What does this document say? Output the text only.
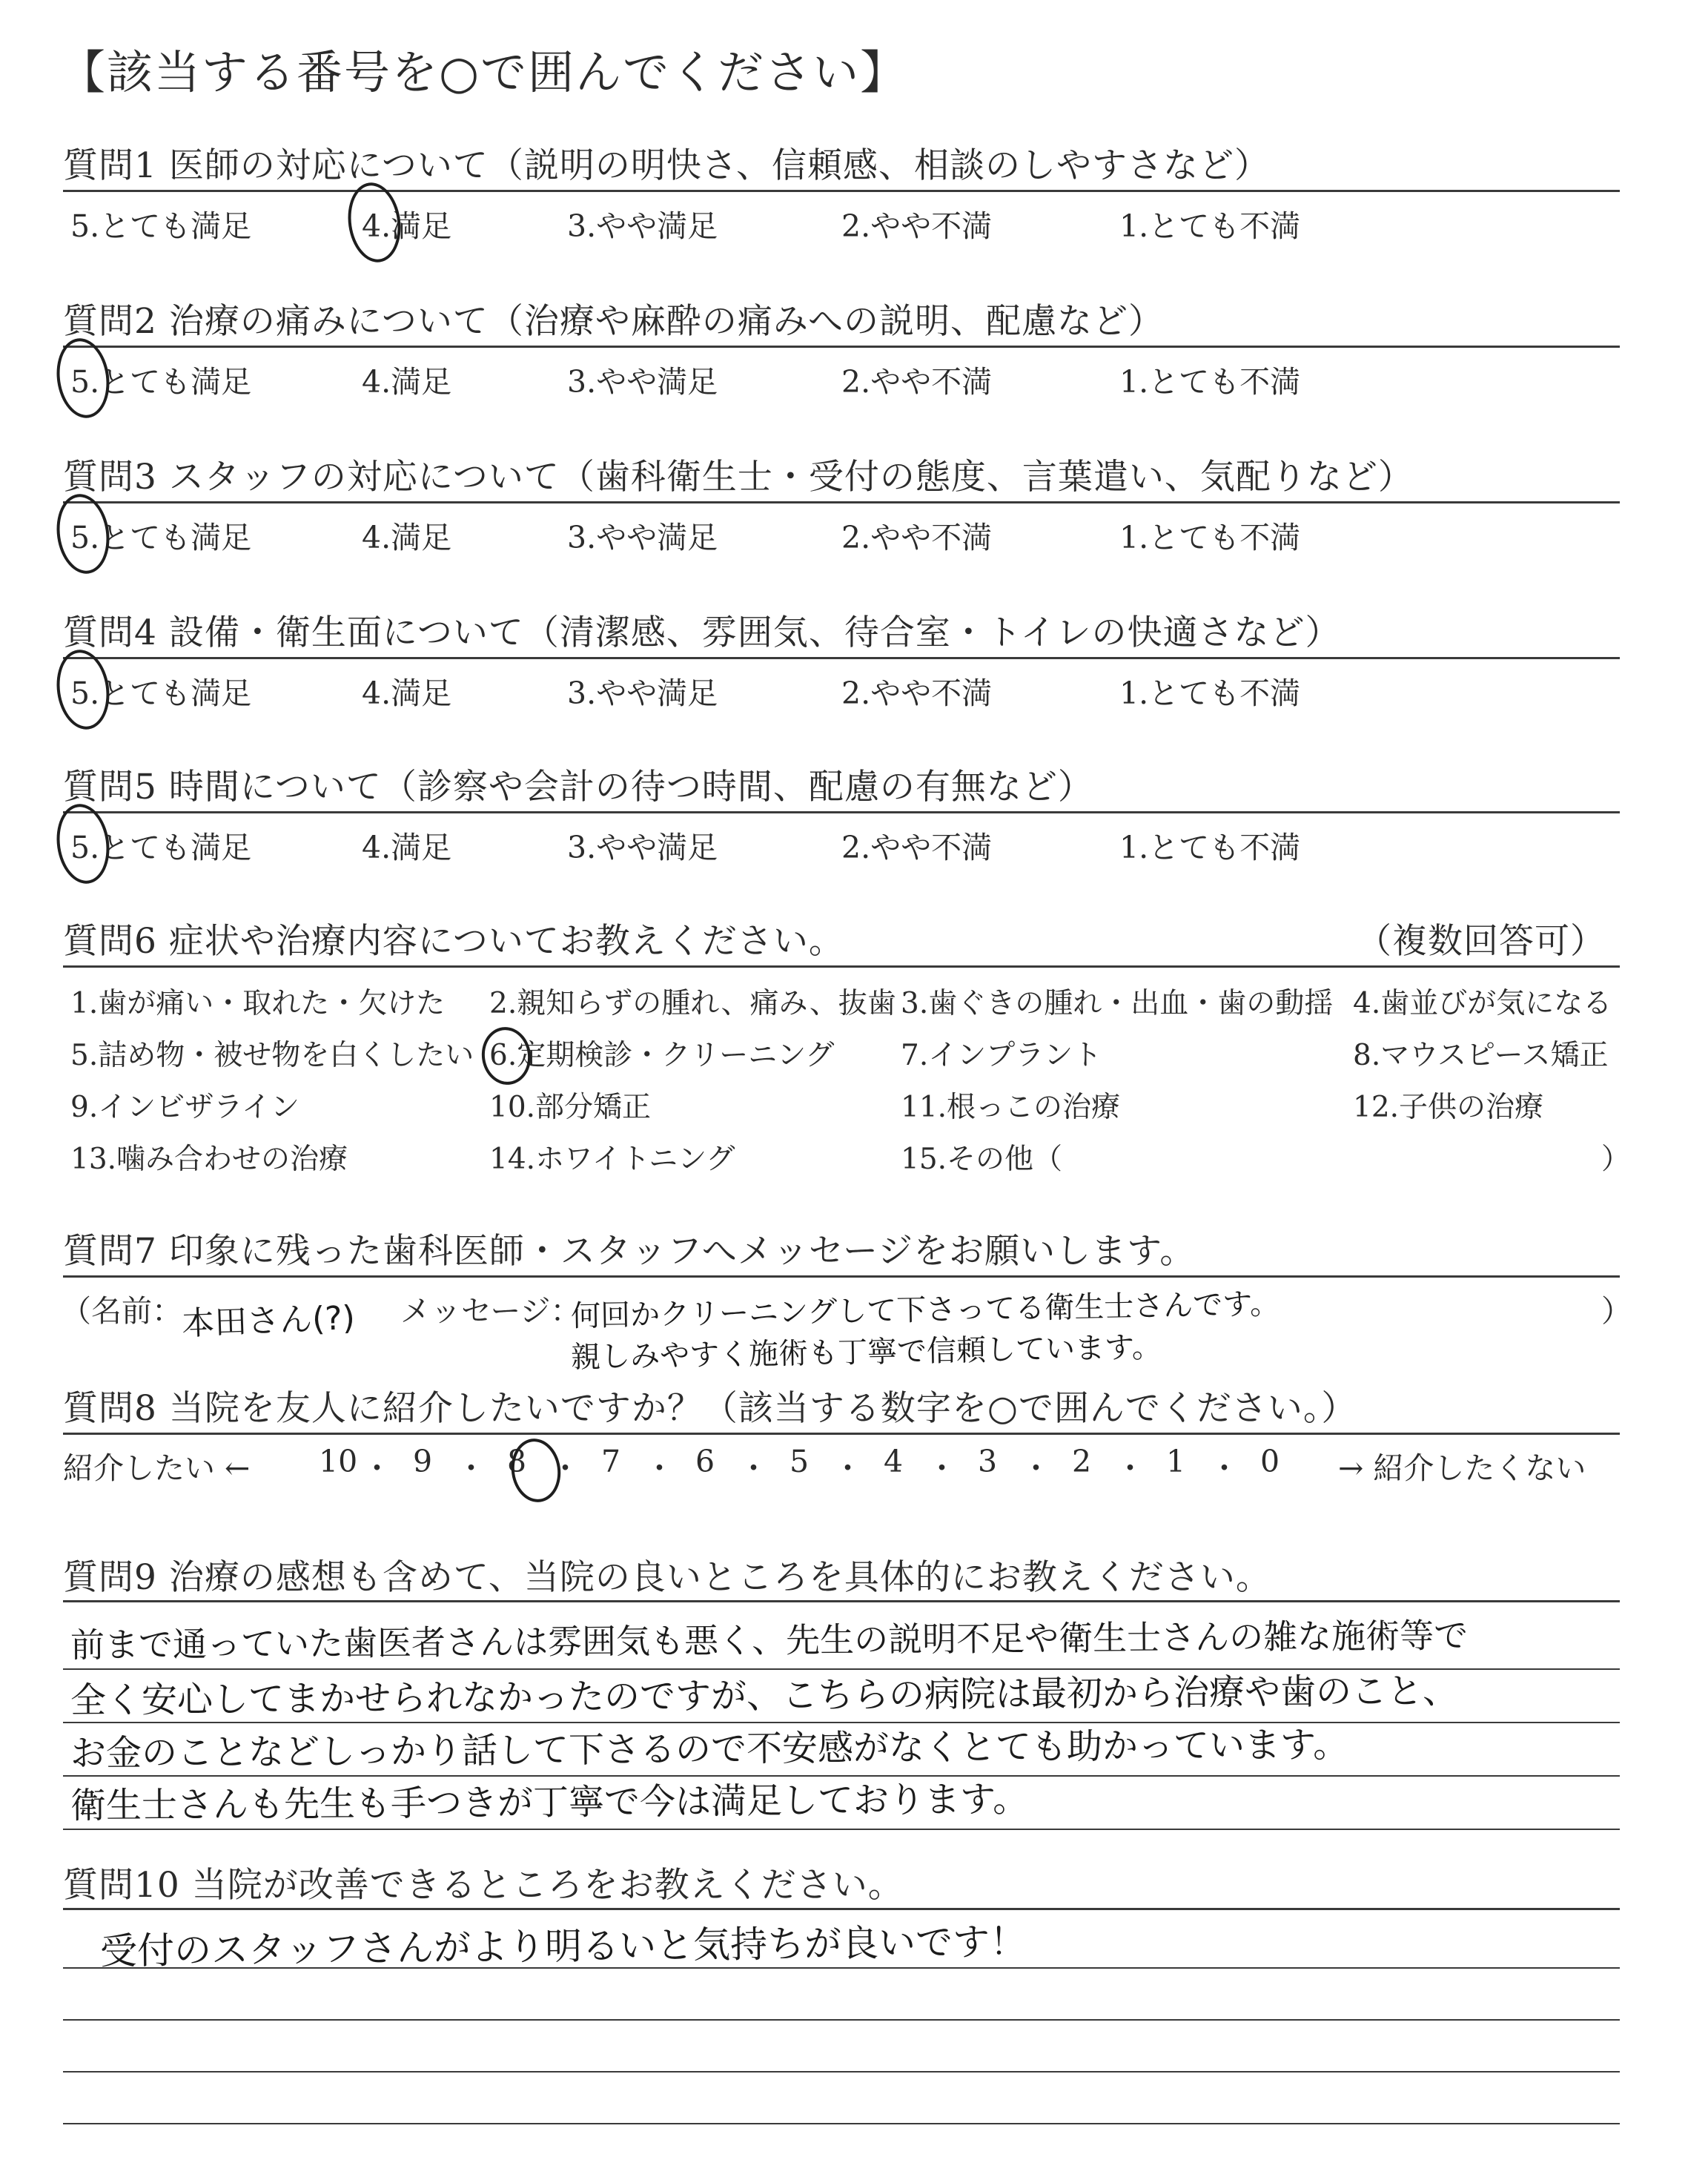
【該当する番号を○で囲んでください】
質問1 医師の対応について（説明の明快さ、信頼感、相談のしやすさなど）
5.とても満足	4.満足	3.やや満足	2.やや不満	1.とても不満
質問2 治療の痛みについて（治療や麻酔の痛みへの説明、配慮など）
5.とても満足	4.満足	3.やや満足	2.やや不満	1.とても不満
質問3 スタッフの対応について（歯科衛生士・受付の態度、言葉遣い、気配りなど）
5.とても満足	4.満足	3.やや満足	2.やや不満	1.とても不満
質問4 設備・衛生面について（清潔感、雰囲気、待合室・トイレの快適さなど）
5.とても満足	4.満足	3.やや満足	2.やや不満	1.とても不満
質問5 時間について（診察や会計の待つ時間、配慮の有無など）
5.とても満足	4.満足	3.やや満足	2.やや不満	1.とても不満
質問6 症状や治療内容についてお教えください。	（複数回答可）
1.歯が痛い・取れた・欠けた 2.親知らずの腫れ、痛み、抜歯 3.歯ぐきの腫れ・出血・歯の動揺 4.歯並びが気になる
5.詰め物・被せ物を白くしたい 6.定期検診・クリーニング 7.インプラント	8.マウスピース矯正
9.インビザライン	10.部分矯正	11.根っこの治療	12.子供の治療
13.噛み合わせの治療	14.ホワイトニング	15.その他（	）
質問7 印象に残った歯科医師・スタッフへメッセージをお願いします。
（名前：
本田さん(?) メッセージ：
何回かクリーニングして下さってる衛生士さんです。
親しみやすく施術も丁寧で信頼しています。
）
質問8 当院を友人に紹介したいですか？（該当する数字を○で囲んでください。）
紹介したい ← 10 ・ 9 ・ 8 ・ 7 ・ 6 ・ 5 ・ 4 ・ 3 ・ 2 ・ 1 ・ 0 → 紹介したくない
質問9 治療の感想も含めて、当院の良いところを具体的にお教えください。
前まで通っていた歯医者さんは雰囲気も悪く、先生の説明不足や衛生士さんの雑な施術等で
全く安心してまかせられなかったのですが、こちらの病院は最初から治療や歯のこと、
お金のことなどしっかり話して下さるので不安感がなくとても助かっています。
衛生士さんも先生も手つきが丁寧で今は満足しております。
質問10 当院が改善できるところをお教えください。
受付のスタッフさんがより明るいと気持ちが良いです！
